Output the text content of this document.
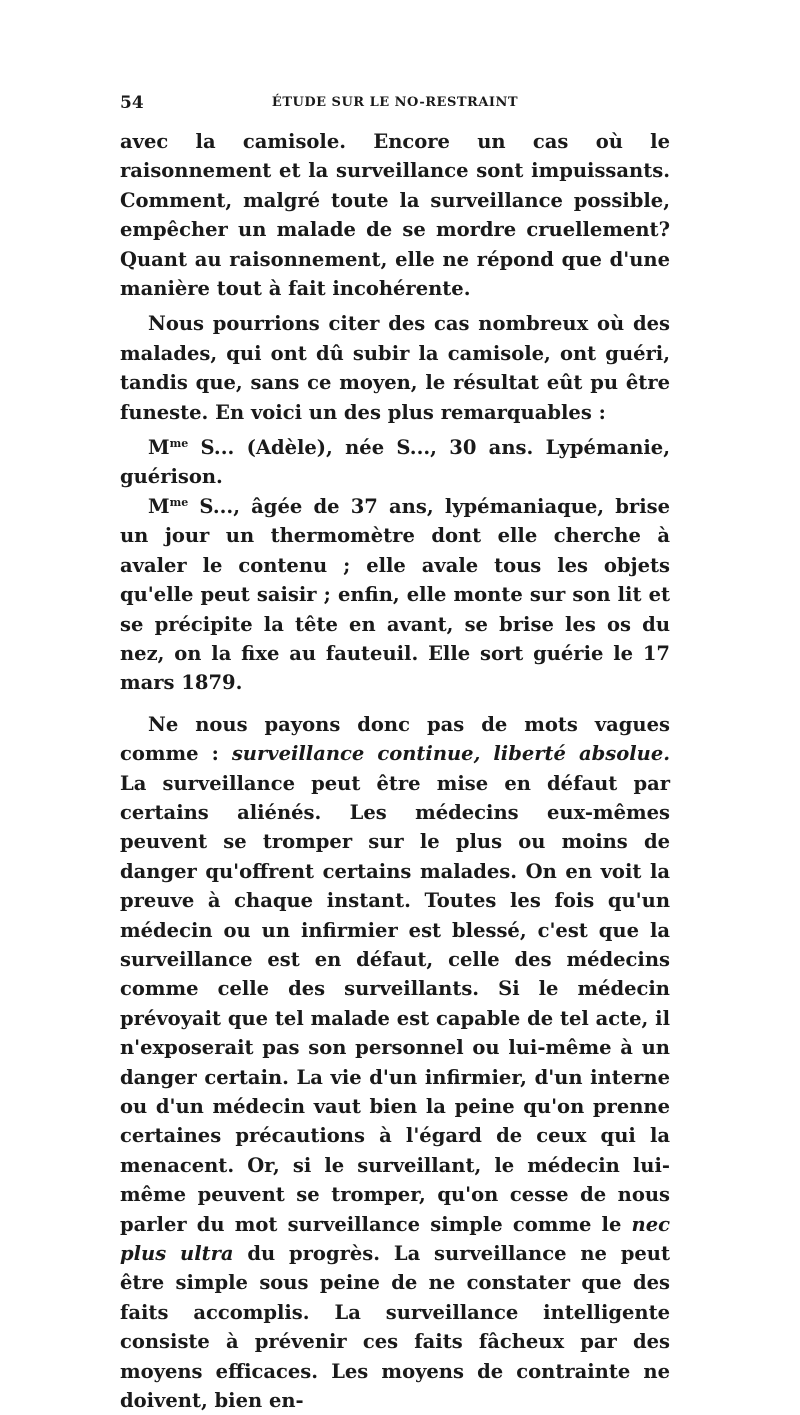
54	ÉTUDE SUR LE NO-RESTRAINT

avec la camisole. Encore un cas où le raisonnement et la surveillance sont impuissants. Comment, malgré toute la surveillance possible, empêcher un malade de se mordre cruellement? Quant au raisonnement, elle ne répond que d'une manière tout à fait incohérente.

Nous pourrions citer des cas nombreux où des malades, qui ont dû subir la camisole, ont guéri, tandis que, sans ce moyen, le résultat eût pu être funeste. En voici un des plus remarquables :

$M^{me}$ S... (Adèle), née S..., 30 ans. Lypémanie, guérison.

$M^{me}$ S..., âgée de 37 ans, lypémaniaque, brise un jour un thermomètre dont elle cherche à avaler le contenu ; elle avale tous les objets qu'elle peut saisir ; enfin, elle monte sur son lit et se précipite la tête en avant, se brise les os du nez, on la fixe au fauteuil. Elle sort guérie le 17 mars 1879.

Ne nous payons donc pas de mots vagues comme : surveillance continue, liberté absolue. La surveillance peut être mise en défaut par certains aliénés. Les médecins eux-mêmes peuvent se tromper sur le plus ou moins de danger qu'offrent certains malades. On en voit la preuve à chaque instant. Toutes les fois qu'un médecin ou un infirmier est blessé, c'est que la surveillance est en défaut, celle des médecins comme celle des surveillants. Si le médecin prévoyait que tel malade est capable de tel acte, il n'exposerait pas son personnel ou lui-même à un danger certain. La vie d'un infirmier, d'un interne ou d'un médecin vaut bien la peine qu'on prenne certaines précautions à l'égard de ceux qui la menacent. Or, si le surveillant, le médecin lui-même peuvent se tromper, qu'on cesse de nous parler du mot surveillance simple comme le nec plus ultra du progrès. La surveillance ne peut être simple sous peine de ne constater que des faits accomplis. La surveillance intelligente consiste à prévenir ces faits fâcheux par des moyens efficaces. Les moyens de contrainte ne doivent, bien en-
